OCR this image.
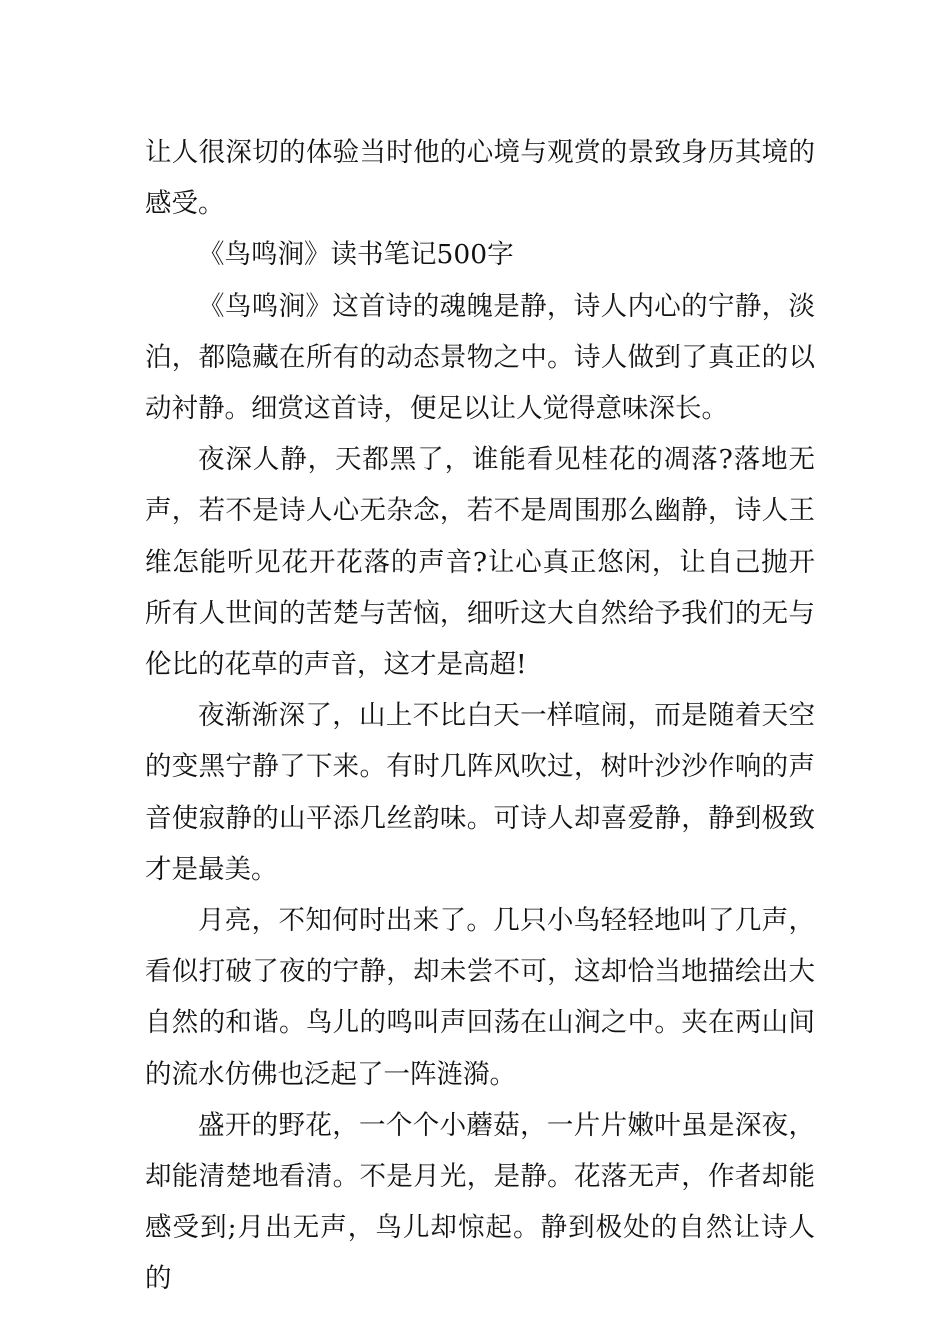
让人很深切的体验当时他的心境与观赏的景致身历其境的感受。

《鸟鸣涧》读书笔记500字

《鸟鸣涧》这首诗的魂魄是静，诗人内心的宁静，淡泊，都隐藏在所有的动态景物之中。诗人做到了真正的以动衬静。细赏这首诗，便足以让人觉得意味深长。

夜深人静，天都黑了，谁能看见桂花的凋落?落地无声，若不是诗人心无杂念，若不是周围那么幽静，诗人王维怎能听见花开花落的声音?让心真正悠闲，让自己抛开所有人世间的苦楚与苦恼，细听这大自然给予我们的无与伦比的花草的声音，这才是高超!

夜渐渐深了，山上不比白天一样喧闹，而是随着天空的变黑宁静了下来。有时几阵风吹过，树叶沙沙作响的声音使寂静的山平添几丝韵味。可诗人却喜爱静，静到极致才是最美。

月亮，不知何时出来了。几只小鸟轻轻地叫了几声，看似打破了夜的宁静，却未尝不可，这却恰当地描绘出大自然的和谐。鸟儿的鸣叫声回荡在山涧之中。夹在两山间的流水仿佛也泛起了一阵涟漪。

盛开的野花，一个个小蘑菇，一片片嫩叶虽是深夜，却能清楚地看清。不是月光，是静。花落无声，作者却能感受到;月出无声，鸟儿却惊起。静到极处的自然让诗人的
